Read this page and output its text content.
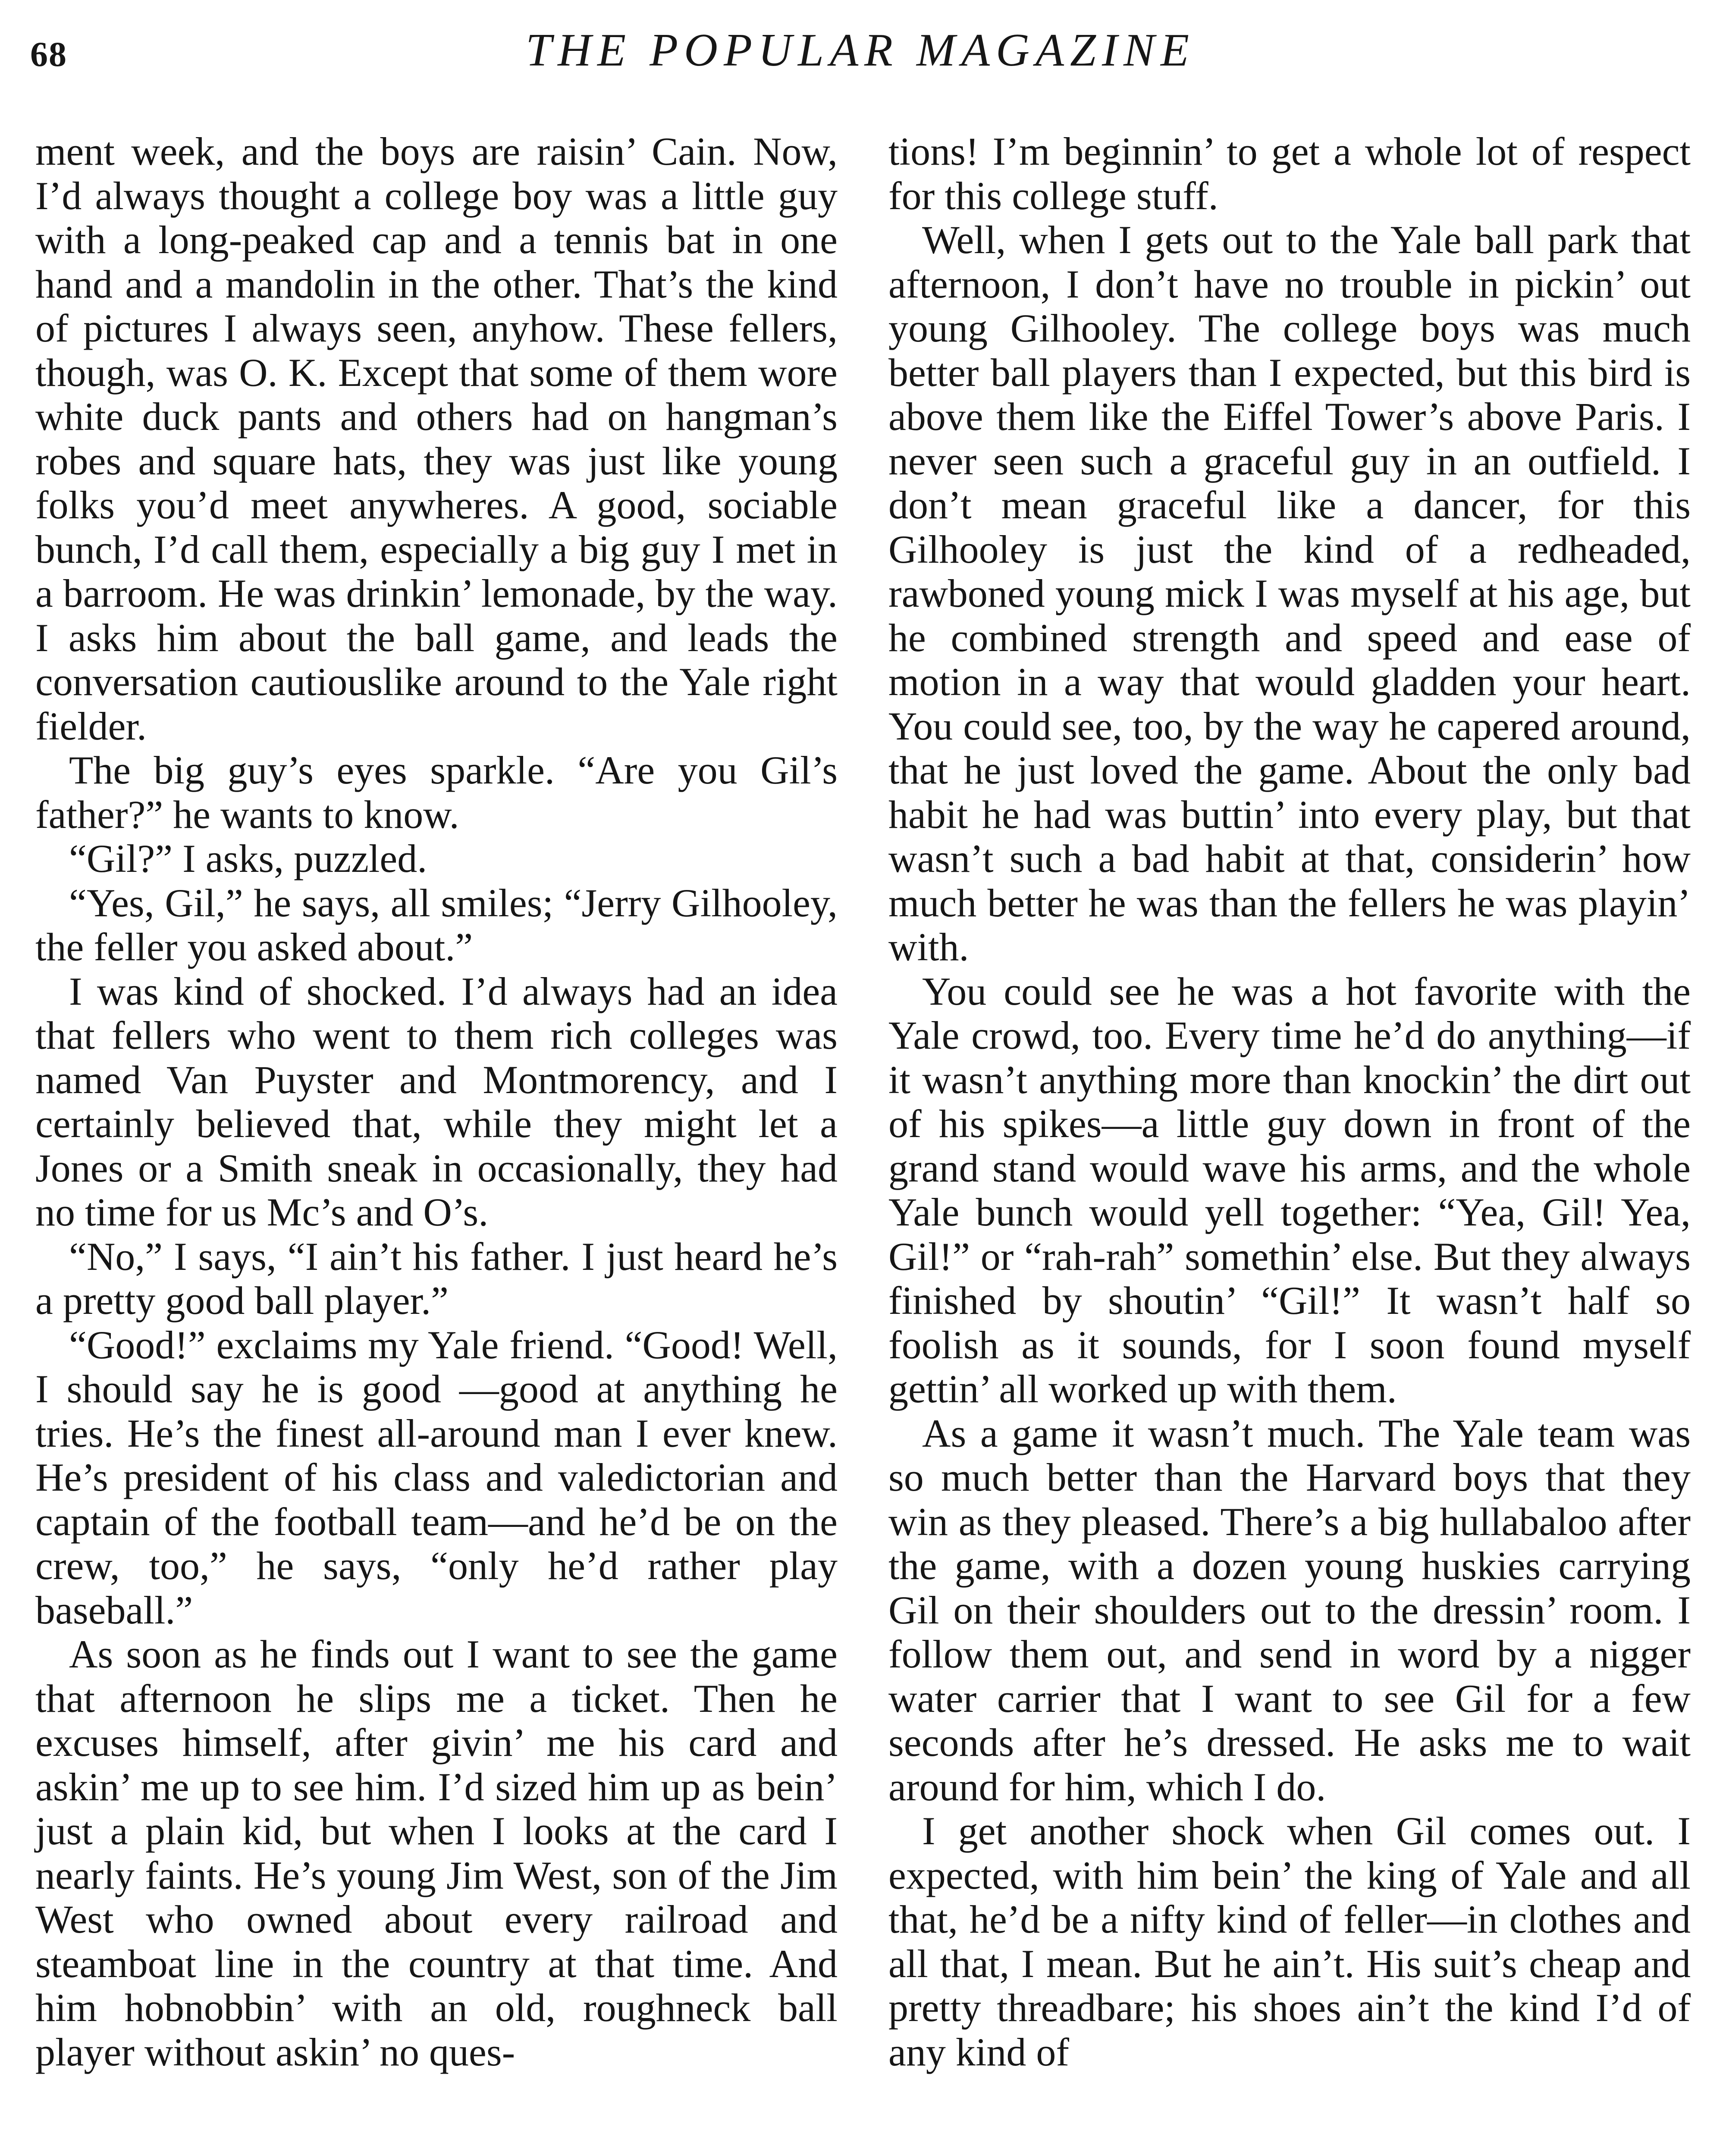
68	THE POPULAR MAGAZINE

ment week, and the boys are raisin’ Cain. Now, I’d always thought a college boy was a little guy with a long-peaked cap and a tennis bat in one hand and a mandolin in the other. That’s the kind of pictures I always seen, anyhow. These fellers, though, was O. K. Except that some of them wore white duck pants and others had on hangman’s robes and square hats, they was just like young folks you’d meet anywheres. A good, sociable bunch, I’d call them, especially a big guy I met in a barroom. He was drinkin’ lemonade, by the way. I asks him about the ball game, and leads the conversation cautiouslike around to the Yale right fielder.

The big guy’s eyes sparkle. “Are you Gil’s father?” he wants to know.

“Gil?” I asks, puzzled.

“Yes, Gil,” he says, all smiles; “Jerry Gilhooley, the feller you asked about.”

I was kind of shocked. I’d always had an idea that fellers who went to them rich colleges was named Van Puyster and Montmorency, and I certainly believed that, while they might let a Jones or a Smith sneak in occasionally, they had no time for us Mc’s and O’s.

“No,” I says, “I ain’t his father. I just heard he’s a pretty good ball player.”

“Good!” exclaims my Yale friend. “Good! Well, I should say he is good —good at anything he tries. He’s the finest all-around man I ever knew. He’s president of his class and valedictorian and captain of the football team—and he’d be on the crew, too,” he says, “only he’d rather play baseball.”

As soon as he finds out I want to see the game that afternoon he slips me a ticket. Then he excuses himself, after givin’ me his card and askin’ me up to see him. I’d sized him up as bein’ just a plain kid, but when I looks at the card I nearly faints. He’s young Jim West, son of the Jim West who owned about every railroad and steamboat line in the country at that time. And him hobnobbin’ with an old, roughneck ball player without askin’ no ques-

tions! I’m beginnin’ to get a whole lot of respect for this college stuff.

Well, when I gets out to the Yale ball park that afternoon, I don’t have no trouble in pickin’ out young Gilhooley. The college boys was much better ball players than I expected, but this bird is above them like the Eiffel Tower’s above Paris. I never seen such a graceful guy in an outfield. I don’t mean graceful like a dancer, for this Gilhooley is just the kind of a redheaded, rawboned young mick I was myself at his age, but he combined strength and speed and ease of motion in a way that would gladden your heart. You could see, too, by the way he capered around, that he just loved the game. About the only bad habit he had was buttin’ into every play, but that wasn’t such a bad habit at that, considerin’ how much better he was than the fellers he was playin’ with.

You could see he was a hot favorite with the Yale crowd, too. Every time he’d do anything—if it wasn’t anything more than knockin’ the dirt out of his spikes—a little guy down in front of the grand stand would wave his arms, and the whole Yale bunch would yell together: “Yea, Gil! Yea, Gil!” or “rah-rah” somethin’ else. But they always finished by shoutin’ “Gil!” It wasn’t half so foolish as it sounds, for I soon found myself gettin’ all worked up with them.

As a game it wasn’t much. The Yale team was so much better than the Harvard boys that they win as they pleased. There’s a big hullabaloo after the game, with a dozen young huskies carrying Gil on their shoulders out to the dressin’ room. I follow them out, and send in word by a nigger water carrier that I want to see Gil for a few seconds after he’s dressed. He asks me to wait around for him, which I do.

I get another shock when Gil comes out. I expected, with him bein’ the king of Yale and all that, he’d be a nifty kind of feller—in clothes and all that, I mean. But he ain’t. His suit’s cheap and pretty threadbare; his shoes ain’t the kind I’d of any kind of
